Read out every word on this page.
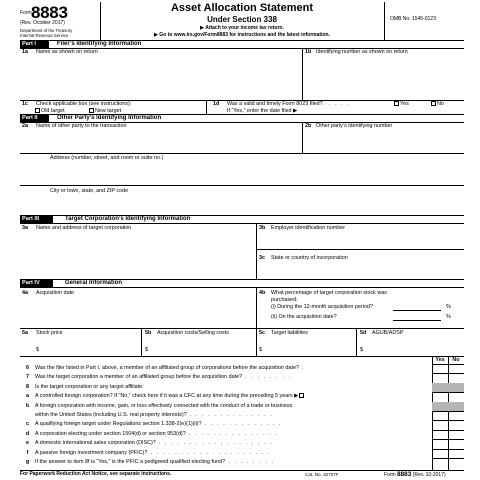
Form 8883
(Rev. October 2017)
Department of the Treasury
Internal Revenue Service
Asset Allocation Statement
Under Section 338
▶ Attach to your income tax return.
▶ Go to www.irs.gov/Form8883 for instructions and the latest information.
OMB No. 1545-0123
Part I	Filer’s Identifying Information
1a Name as shown on return	1b Identifying number as shown on return
1c Check applicable box (see instructions):
Old target	New target
1d Was a valid and timely Form 8023 filed?. . . . .	Yes	No
If “Yes,” enter the date filed ▶
Part II	Other Party’s Identifying Information
2a Name of other party to the transaction	2b Other party’s identifying number
Address (number, street, and room or suite no.)
City or town, state, and ZIP code
Part III	Target Corporation’s Identifying Information
3a Name and address of target corporation	3b Employer identification number
3c State or country of incorporation
Part IV	General Information
4a Acquisition date	4b What percentage of target corporation stock was
purchased:
(i) During the 12-month acquisition period?	%
(ii) On the acquisition date?	%
5a Stock price
$
5b Acquisition costs/Selling costs
$
5c Target liabilities
$
5d AGUB/ADSP
$
Yes	No
6 Was the filer listed in Part I, above, a member of an affiliated group of corporations before the acquisition date? .
7 Was the target corporation a member of an affiliated group before the acquisition date? . . . . . . . .
8 Is the target corporation or any target affiliate:
a A controlled foreign corporation? If “No,” check here if it was a CFC at any time during the preceding 5 years ▶
b A foreign corporation with income, gain, or loss effectively connected with the conduct of a trade or business
within the United States (including U.S. real property interests)? . . . . . . . . . . . . . .
c A qualifying foreign target under Regulations section 1.338-2(e)(1)(ii)? . . . . . . . . . . . . .
d A corporation electing under section 1504(d) or section 953(d)? . . . . . . . . . . . . . . .
e A domestic international sales corporation (DISC)? . . . . . . . . . . . . . . . . . . .
f A passive foreign investment company (PFIC)? . . . . . . . . . . . . . . . . . . . .
g If the answer to item 8f is “Yes,” is the PFIC a pedigreed qualified electing fund? . . . . . . . .
For Paperwork Reduction Act Notice, see separate instructions.	Cat. No. 32707F	Form 8883 (Rev. 10-2017)
